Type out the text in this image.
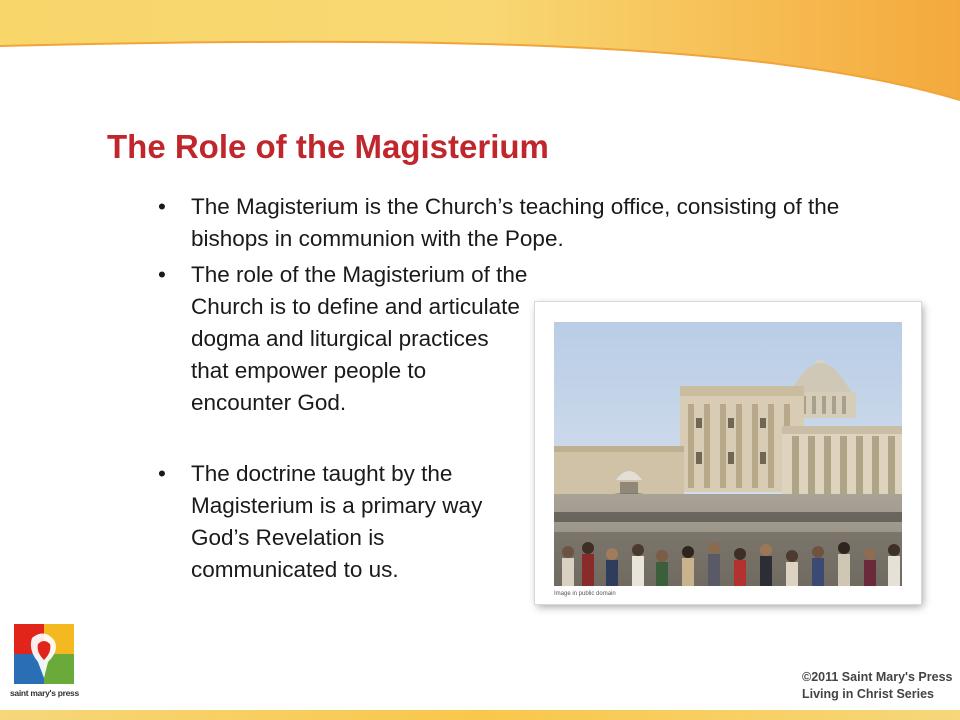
The Role of the Magisterium
• The Magisterium is the Church’s teaching office, consisting of the bishops in communion with the Pope.
• The role of the Magisterium of the Church is to define and articulate dogma and liturgical practices that empower people to encounter God.
• The doctrine taught by the Magisterium is a primary way God’s Revelation is communicated to us.
Image in public domain
saint mary's press
©2011 Saint Mary's Press
Living in Christ Series
